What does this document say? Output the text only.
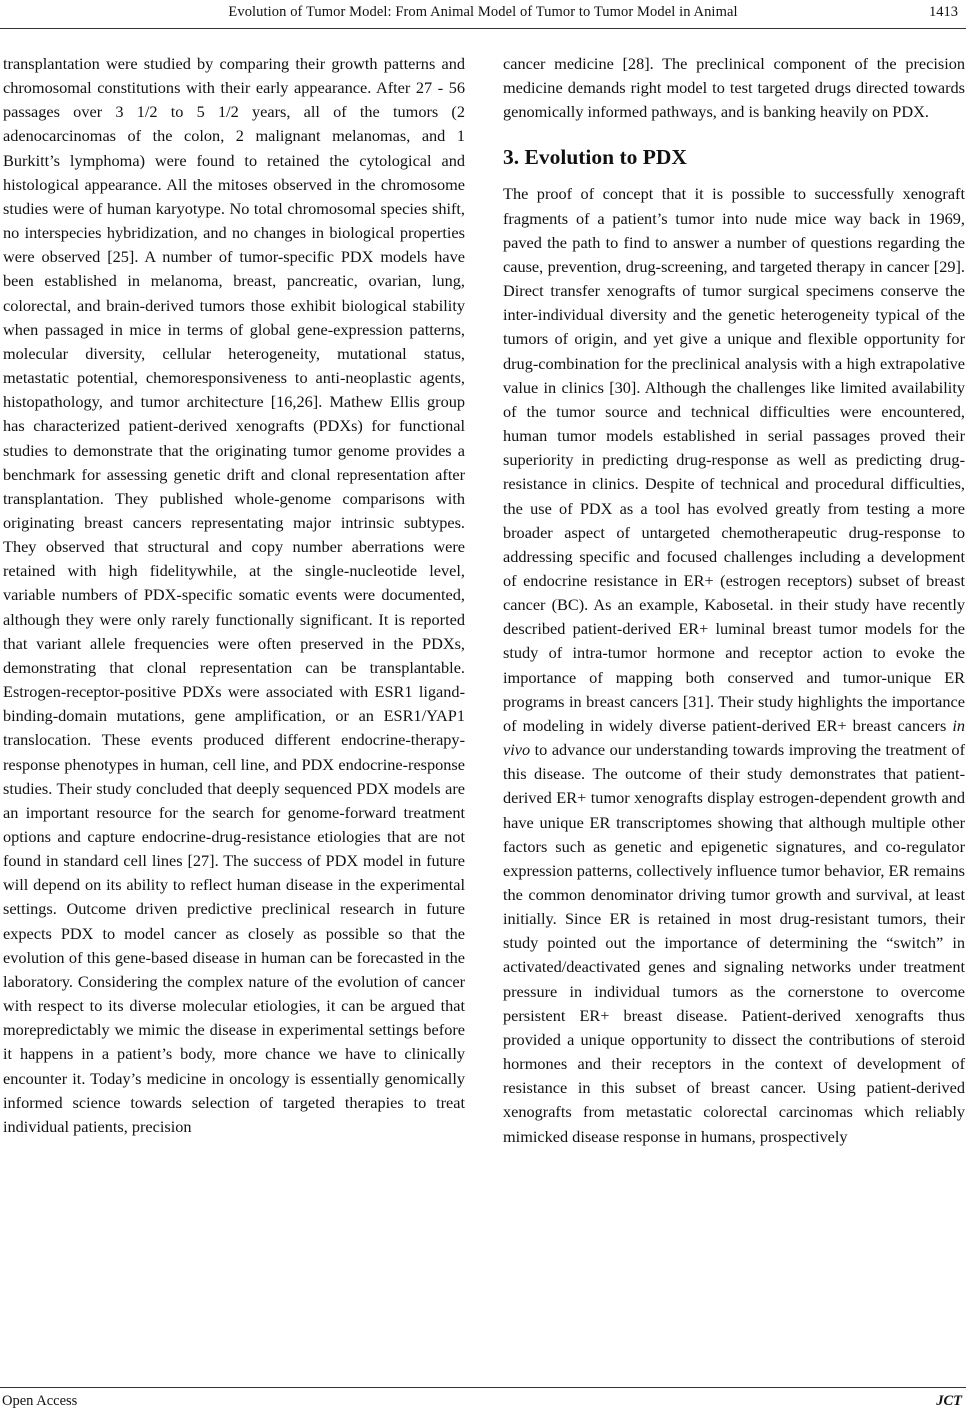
Evolution of Tumor Model: From Animal Model of Tumor to Tumor Model in Animal	1413

transplantation were studied by comparing their growth patterns and chromosomal constitutions with their early appearance. After 27 - 56 passages over 3 1/2 to 5 1/2 years, all of the tumors (2 adenocarcinomas of the colon, 2 malignant melanomas, and 1 Burkitt’s lymphoma) were found to retained the cytological and histological appearance. All the mitoses observed in the chromosome studies were of human karyotype. No total chromosomal species shift, no interspecies hybridization, and no changes in biological properties were observed [25]. A number of tumor-specific PDX models have been established in melanoma, breast, pancreatic, ovarian, lung, colorectal, and brain-derived tumors those exhibit biological stability when passaged in mice in terms of global gene-expression patterns, molecular diversity, cellular heterogeneity, mutational status, metastatic potential, chemoresponsiveness to anti-neoplastic agents, histopathology, and tumor architecture [16,26]. Mathew Ellis group has characterized patient-derived xenografts (PDXs) for functional studies to demonstrate that the originating tumor genome provides a benchmark for assessing genetic drift and clonal representation after transplantation. They published whole-genome comparisons with originating breast cancers representating major intrinsic subtypes. They observed that structural and copy number aberrations were retained with high fidelitywhile, at the single-nucleotide level, variable numbers of PDX-specific somatic events were documented, although they were only rarely functionally significant. It is reported that variant allele frequencies were often preserved in the PDXs, demonstrating that clonal representation can be transplantable. Estrogen-receptor-positive PDXs were associated with ESR1 ligand-binding-domain mutations, gene amplification, or an ESR1/YAP1 translocation. These events produced different endocrine-therapy-response phenotypes in human, cell line, and PDX endocrine-response studies. Their study concluded that deeply sequenced PDX models are an important resource for the search for genome-forward treatment options and capture endocrine-drug-resistance etiologies that are not found in standard cell lines [27]. The success of PDX model in future will depend on its ability to reflect human disease in the experimental settings. Outcome driven predictive preclinical research in future expects PDX to model cancer as closely as possible so that the evolution of this gene-based disease in human can be forecasted in the laboratory. Considering the complex nature of the evolution of cancer with respect to its diverse molecular etiologies, it can be argued that morepredictably we mimic the disease in experimental settings before it happens in a patient’s body, more chance we have to clinically encounter it. Today’s medicine in oncology is essentially genomically informed science towards selection of targeted therapies to treat individual patients, precision

cancer medicine [28]. The preclinical component of the precision medicine demands right model to test targeted drugs directed towards genomically informed pathways, and is banking heavily on PDX.

3. Evolution to PDX

The proof of concept that it is possible to successfully xenograft fragments of a patient’s tumor into nude mice way back in 1969, paved the path to find to answer a number of questions regarding the cause, prevention, drug-screening, and targeted therapy in cancer [29]. Direct transfer xenografts of tumor surgical specimens conserve the inter-individual diversity and the genetic heterogeneity typical of the tumors of origin, and yet give a unique and flexible opportunity for drug-combination for the preclinical analysis with a high extrapolative value in clinics [30]. Although the challenges like limited availability of the tumor source and technical difficulties were encountered, human tumor models established in serial passages proved their superiority in predicting drug-response as well as predicting drug-resistance in clinics. Despite of technical and procedural difficulties, the use of PDX as a tool has evolved greatly from testing a more broader aspect of untargeted chemotherapeutic drug-response to addressing specific and focused challenges including a development of endocrine resistance in ER+ (estrogen receptors) subset of breast cancer (BC). As an example, Kabosetal. in their study have recently described patient-derived ER+ luminal breast tumor models for the study of intra-tumor hormone and receptor action to evoke the importance of mapping both conserved and tumor-unique ER programs in breast cancers [31]. Their study highlights the importance of modeling in widely diverse patient-derived ER+ breast cancers in vivo to advance our understanding towards improving the treatment of this disease. The outcome of their study demonstrates that patient-derived ER+ tumor xenografts display estrogen-dependent growth and have unique ER transcriptomes showing that although multiple other factors such as genetic and epigenetic signatures, and co-regulator expression patterns, collectively influence tumor behavior, ER remains the common denominator driving tumor growth and survival, at least initially. Since ER is retained in most drug-resistant tumors, their study pointed out the importance of determining the “switch” in activated/deactivated genes and signaling networks under treatment pressure in individual tumors as the cornerstone to overcome persistent ER+ breast disease. Patient-derived xenografts thus provided a unique opportunity to dissect the contributions of steroid hormones and their receptors in the context of development of resistance in this subset of breast cancer. Using patient-derived xenografts from metastatic colorectal carcinomas which reliably mimicked disease response in humans, prospectively

Open Access	JCT
